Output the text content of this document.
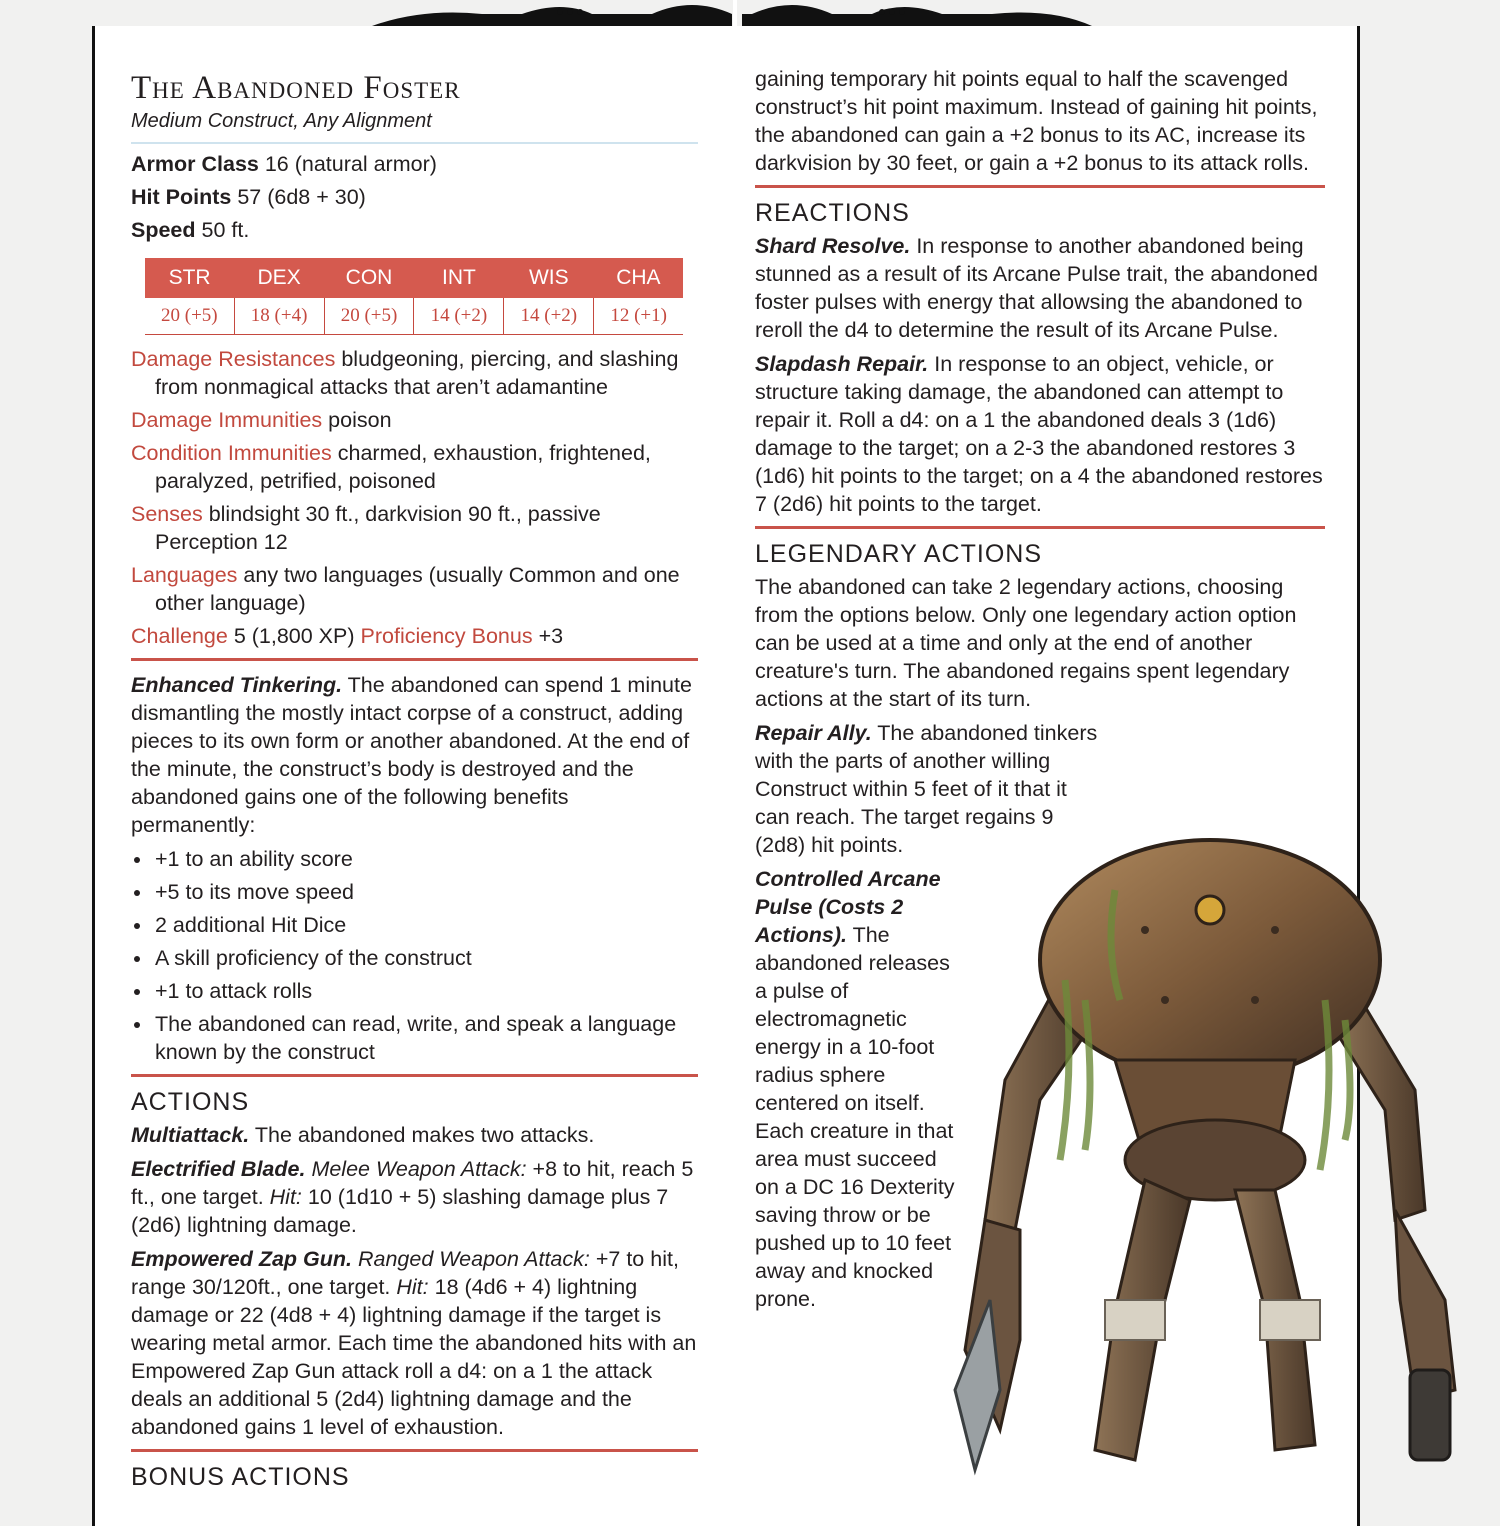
The Abandoned Foster
Medium Construct, Any Alignment
Armor Class 16 (natural armor)
Hit Points 57 (6d8 + 30)
Speed 50 ft.
STR	DEX	CON	INT	WIS	CHA
20 (+5)	18 (+4)	20 (+5)	14 (+2)	14 (+2)	12 (+1)
Damage Resistances bludgeoning, piercing, and slashing from nonmagical attacks that aren’t adamantine
Damage Immunities poison
Condition Immunities charmed, exhaustion, frightened, paralyzed, petrified, poisoned
Senses blindsight 30 ft., darkvision 90 ft., passive Perception 12
Languages any two languages (usually Common and one other language)
Challenge 5 (1,800 XP) Proficiency Bonus +3
Enhanced Tinkering. The abandoned can spend 1 minute dismantling the mostly intact corpse of a construct, adding pieces to its own form or another abandoned. At the end of the minute, the construct’s body is destroyed and the abandoned gains one of the following benefits permanently:
• +1 to an ability score
• +5 to its move speed
• 2 additional Hit Dice
• A skill proficiency of the construct
• +1 to attack rolls
• The abandoned can read, write, and speak a language known by the construct
ACTIONS
Multiattack. The abandoned makes two attacks.
Electrified Blade. Melee Weapon Attack: +8 to hit, reach 5 ft., one target. Hit: 10 (1d10 + 5) slashing damage plus 7 (2d6) lightning damage.
Empowered Zap Gun. Ranged Weapon Attack: +7 to hit, range 30/120ft., one target. Hit: 18 (4d6 + 4) lightning damage or 22 (4d8 + 4) lightning damage if the target is wearing metal armor. Each time the abandoned hits with an Empowered Zap Gun attack roll a d4: on a 1 the attack deals an additional 5 (2d4) lightning damage and the abandoned gains 1 level of exhaustion.
BONUS ACTIONS
gaining temporary hit points equal to half the scavenged construct’s hit point maximum. Instead of gaining hit points, the abandoned can gain a +2 bonus to its AC, increase its darkvision by 30 feet, or gain a +2 bonus to its attack rolls.
REACTIONS
Shard Resolve. In response to another abandoned being stunned as a result of its Arcane Pulse trait, the abandoned foster pulses with energy that allowsing the abandoned to reroll the d4 to determine the result of its Arcane Pulse.
Slapdash Repair. In response to an object, vehicle, or structure taking damage, the abandoned can attempt to repair it. Roll a d4: on a 1 the abandoned deals 3 (1d6) damage to the target; on a 2-3 the abandoned restores 3 (1d6) hit points to the target; on a 4 the abandoned restores 7 (2d6) hit points to the target.
LEGENDARY ACTIONS
The abandoned can take 2 legendary actions, choosing from the options below. Only one legendary action option can be used at a time and only at the end of another creature's turn. The abandoned regains spent legendary actions at the start of its turn.
Repair Ally. The abandoned tinkers with the parts of another willing Construct within 5 feet of it that it can reach. The target regains 9 (2d8) hit points.
Controlled Arcane Pulse (Costs 2 Actions). The abandoned releases a pulse of electromagnetic energy in a 10-foot radius sphere centered on itself. Each creature in that area must succeed on a DC 16 Dexterity saving throw or be pushed up to 10 feet away and knocked prone.
